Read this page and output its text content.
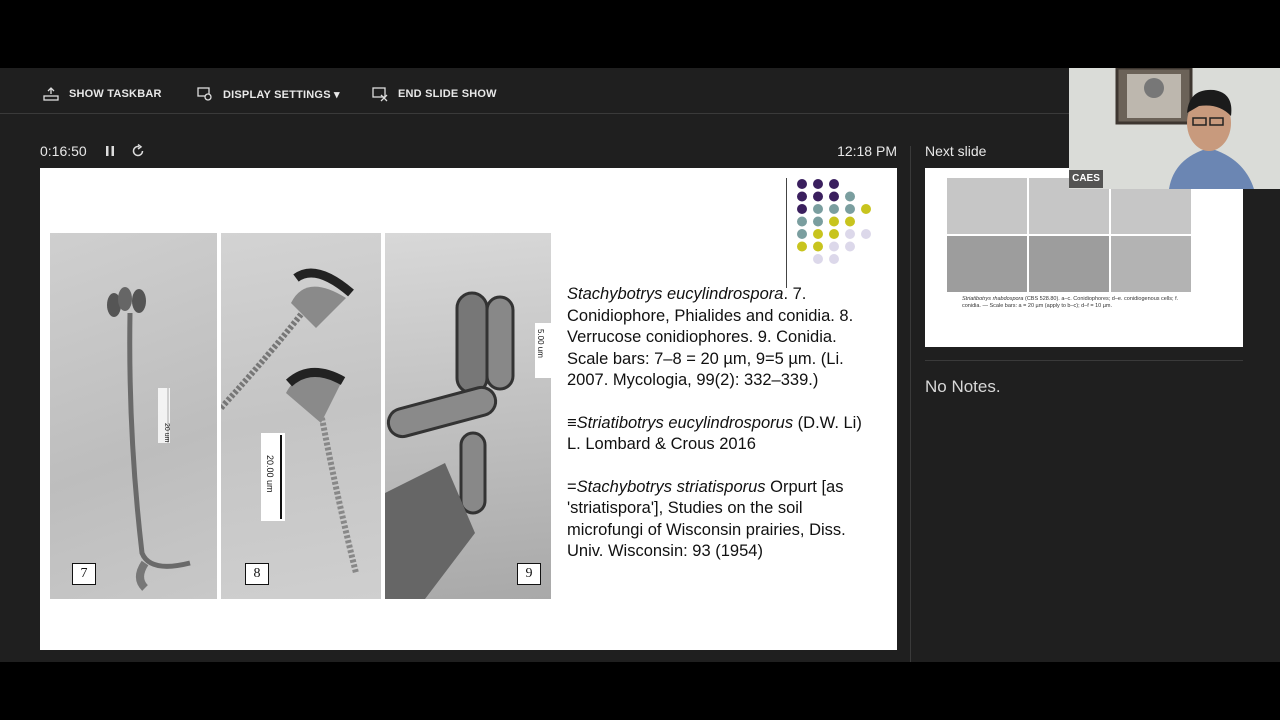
SHOW TASKBAR	DISPLAY SETTINGS ▾	END SLIDE SHOW
0:16:50	12:18 PM
20 um
7
20.00 um
8
5.00 um
9

Stachybotrys eucylindrospora. 7. Conidiophore, Phialides and conidia. 8. Verrucose conidiophores. 9. Conidia. Scale bars: 7–8 = 20 µm, 9=5 µm. (Li. 2007. Mycologia, 99(2): 332–339.)

≡Striatibotrys eucylindrosporus (D.W. Li) L. Lombard & Crous 2016

=Stachybotrys striatisporus Orpurt [as 'striatispora'], Studies on the soil microfungi of Wisconsin prairies, Diss. Univ. Wisconsin: 93 (1954)

Next slide
Striatibotrys rhabdospora (CBS 528.80). a–c. Conidiophores; d–e. conidiogenous cells; f. conidia. — Scale bars: a = 20 µm (apply to b–c); d–f = 10 µm.
No Notes.
CAES
